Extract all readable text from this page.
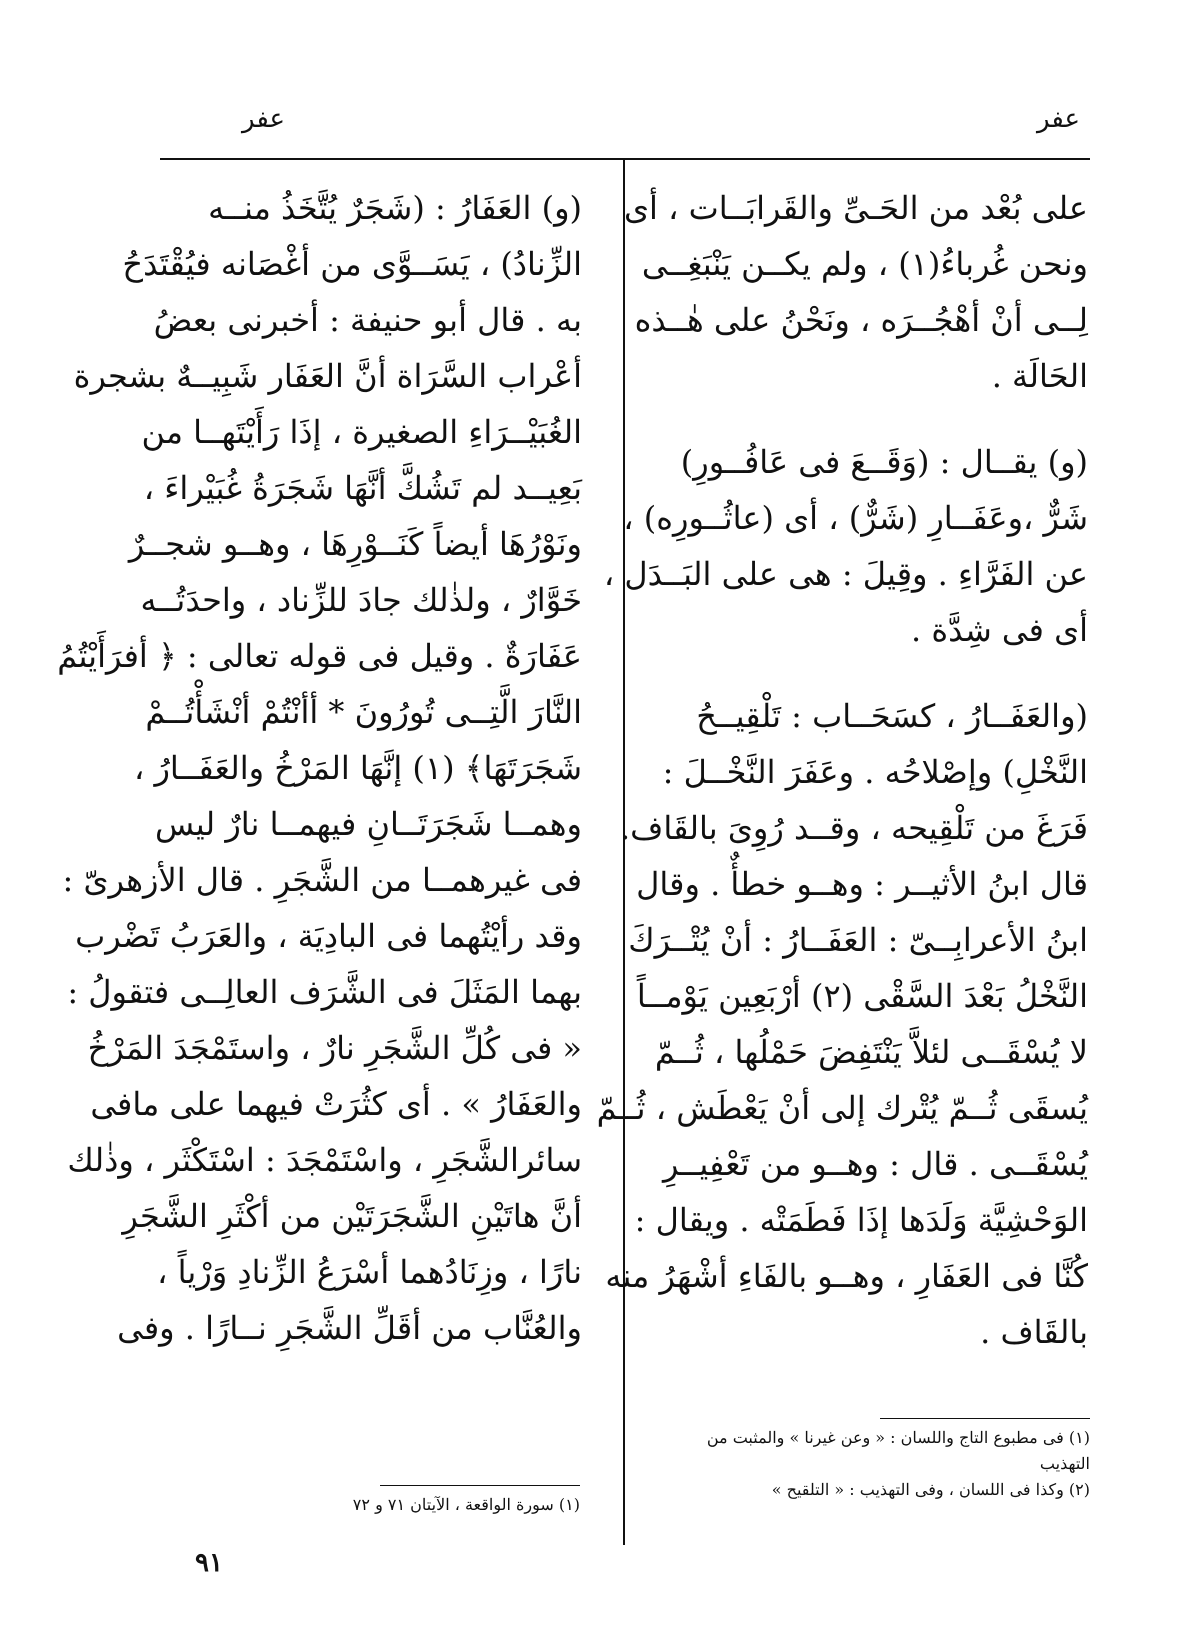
عفر
عفر
على بُعْد من الحَـىِّ والقَرابَــات ، أى
ونحن غُرباءُ(١) ، ولم يكــن يَنْبَغِــى
لِــى أنْ أهْجُــرَه ، ونَحْنُ على هٰــذه
الحَالَة .
(و) يقــال : (وَقَــعَ فى عَافُــورِ)
شَرٌّ ،وعَفَــارِ (شَرٌّ) ، أى (عاثُــورِه) ،
عن الفَرَّاءِ . وقِيلَ : هى على البَــدَل ،
أى فى شِدَّة .
(والعَفَــارُ ، كسَحَــاب : تَلْقِيــحُ
النَّخْلِ) وإصْلاحُه . وعَفَرَ النَّخْــلَ :
فَرَغَ من تَلْقِيحه ، وقــد رُوِىَ بالقَاف.
قال ابنُ الأثيــر : وهــو خطأٌ . وقال
ابنُ الأعرابِــىّ : العَفَــارُ : أنْ يُتْــرَكَ
النَّخْلُ بَعْدَ السَّقْى (٢) أرْبَعِين يَوْمــاً
لا يُسْقَــى لئلاَّ يَنْتَفِضَ حَمْلُها ، ثُــمّ
يُسقَى ثُــمّ يُتْرك إلى أنْ يَعْطَش ، ثُــمّ
يُسْقَــى . قال : وهــو من تَعْفِيــرِ
الوَحْشِيَّة وَلَدَها إذَا فَطَمَتْه . ويقال :
كُنَّا فى العَفَارِ ، وهــو بالفَاءِ أشْهَرُ منه
بالقَاف .
(١) فى مطبوع التاج واللسان : « وعن غيرنا » والمثبت من
التهذيب
(٢) وكذا فى اللسان ، وفى التهذيب : « التلقيح »
(و) العَفَارُ : (شَجَرٌ يُتَّخَذُ منــه
الزِّنادُ) ، يَسَــوَّى من أغْصَانه فيُقْتَدَحُ
به . قال أبو حنيفة : أخبرنى بعضُ
أعْراب السَّرَاة أنَّ العَفَار شَبِيــهٌ بشجرة
الغُبَيْــرَاءِ الصغيرة ، إذَا رَأَيْتَهــا من
بَعِيــد لم تَشُكَّ أنَّهَا شَجَرَةُ غُبَيْراءَ ،
ونَوْرُهَا أيضاً كَنَــوْرِهَا ، وهــو شجــرٌ
خَوَّارٌ ، ولذٰلك جادَ للزِّناد ، واحدَتُــه
عَفَارَةٌ . وقيل فى قوله تعالى : ﴿ أفرَأَيْتُمُ
النَّارَ الَّتِــى تُورُونَ * أأنْتُمْ أنْشَأْتُــمْ
شَجَرَتَهَا﴾ (١) إنَّهَا المَرْخُ والعَفَــارُ ،
وهمــا شَجَرَتَــانِ فيهمــا نارٌ ليس
فى غيرهمــا من الشَّجَرِ . قال الأزهرىّ :
وقد رأيْتُهما فى البادِيَة ، والعَرَبُ تَضْرب
بهما المَثَلَ فى الشَّرَف العالِــى فتقولُ :
« فى كُلِّ الشَّجَرِ نارٌ ، واستَمْجَدَ المَرْخُ
والعَفَارُ » . أى كثُرَتْ فيهما على مافى
سائرالشَّجَرِ ، واسْتَمْجَدَ : اسْتَكْثَر ، وذٰلك
أنَّ هاتَيْنِ الشَّجَرَتَيْن من أكْثَرِ الشَّجَرِ
نارًا ، وزِنَادُهما أسْرَعُ الزِّنادِ وَرْياً ،
والعُنَّاب من أقَلِّ الشَّجَرِ نــارًا . وفى
(١) سورة الواقعة ، الآيتان ٧١ و ٧٢
٩١
